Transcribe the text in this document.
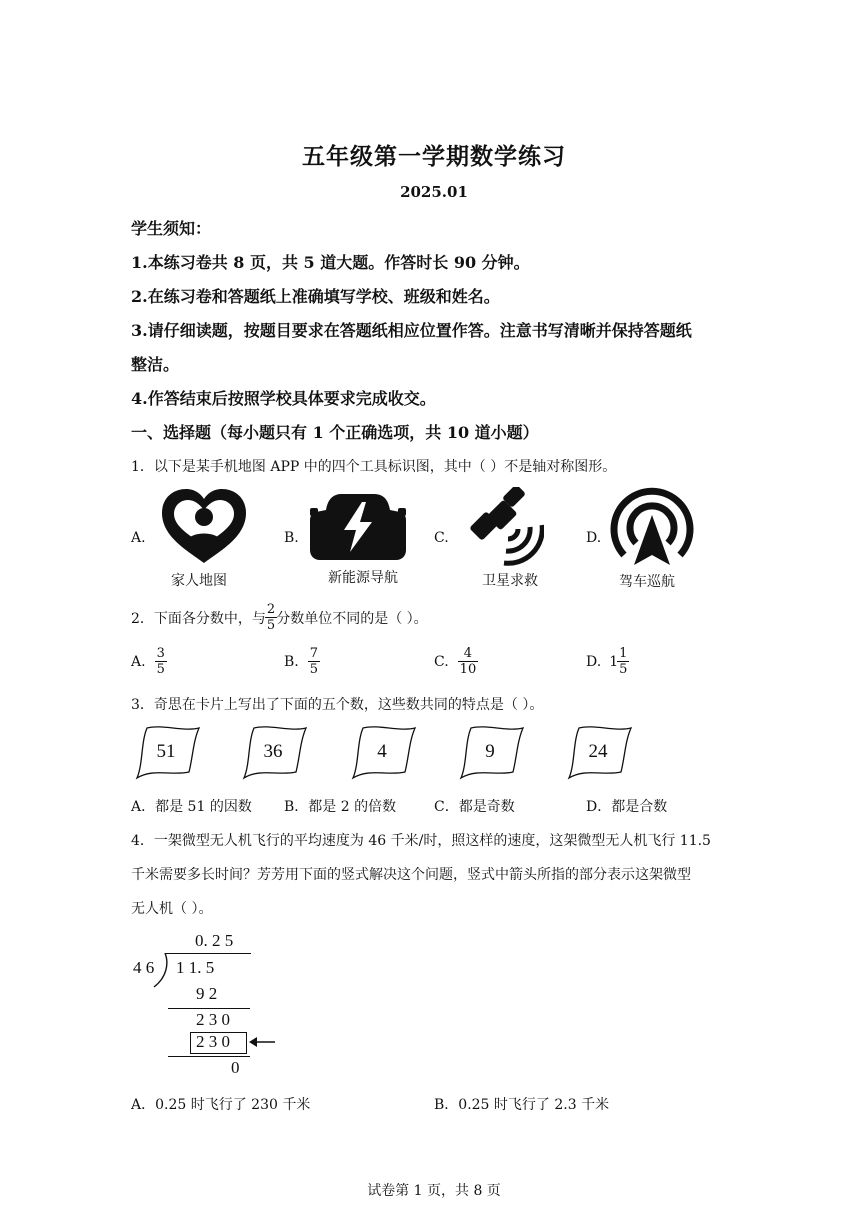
五年级第一学期数学练习
2025.01
学生须知：
1.本练习卷共 8 页，共 5 道大题。作答时长 90 分钟。
2.在练习卷和答题纸上准确填写学校、班级和姓名。
3.请仔细读题，按题目要求在答题纸相应位置作答。注意书写清晰并保持答题纸
整洁。
4.作答结束后按照学校具体要求完成收交。
一、选择题（每小题只有 1 个正确选项，共 10 道小题）
1．以下是某手机地图 APP 中的四个工具标识图，其中（ ）不是轴对称图形。
A.
家人地图
B.
新能源导航
C.
卫星求救
D.
驾车巡航
2．下面各分数中，与 $\frac{2}{5}$ 分数单位不同的是（ ）。
A. $\frac{3}{5}$	B. $\frac{7}{5}$	C. $\frac{4}{10}$	D. $1 \frac{1}{5}$
3．奇思在卡片上写出了下面的五个数，这些数共同的特点是（ ）。
51	36	4	9	24
A．都是 51 的因数 B．都是 2 的倍数	C．都是奇数	D．都是合数
4．一架微型无人机飞行的平均速度为 46 千米/时，照这样的速度，这架微型无人机飞行 11.5
千米需要多长时间？芳芳用下面的竖式解决这个问题，竖式中箭头所指的部分表示这架微型
无人机（ ）。
0. 2 5
4 6 1 1. 5
9 2
2 3 0
2 3 0
0
A．0.25 时飞行了 230 千米	B．0.25 时飞行了 2.3 千米
试卷第 1 页，共 8 页
